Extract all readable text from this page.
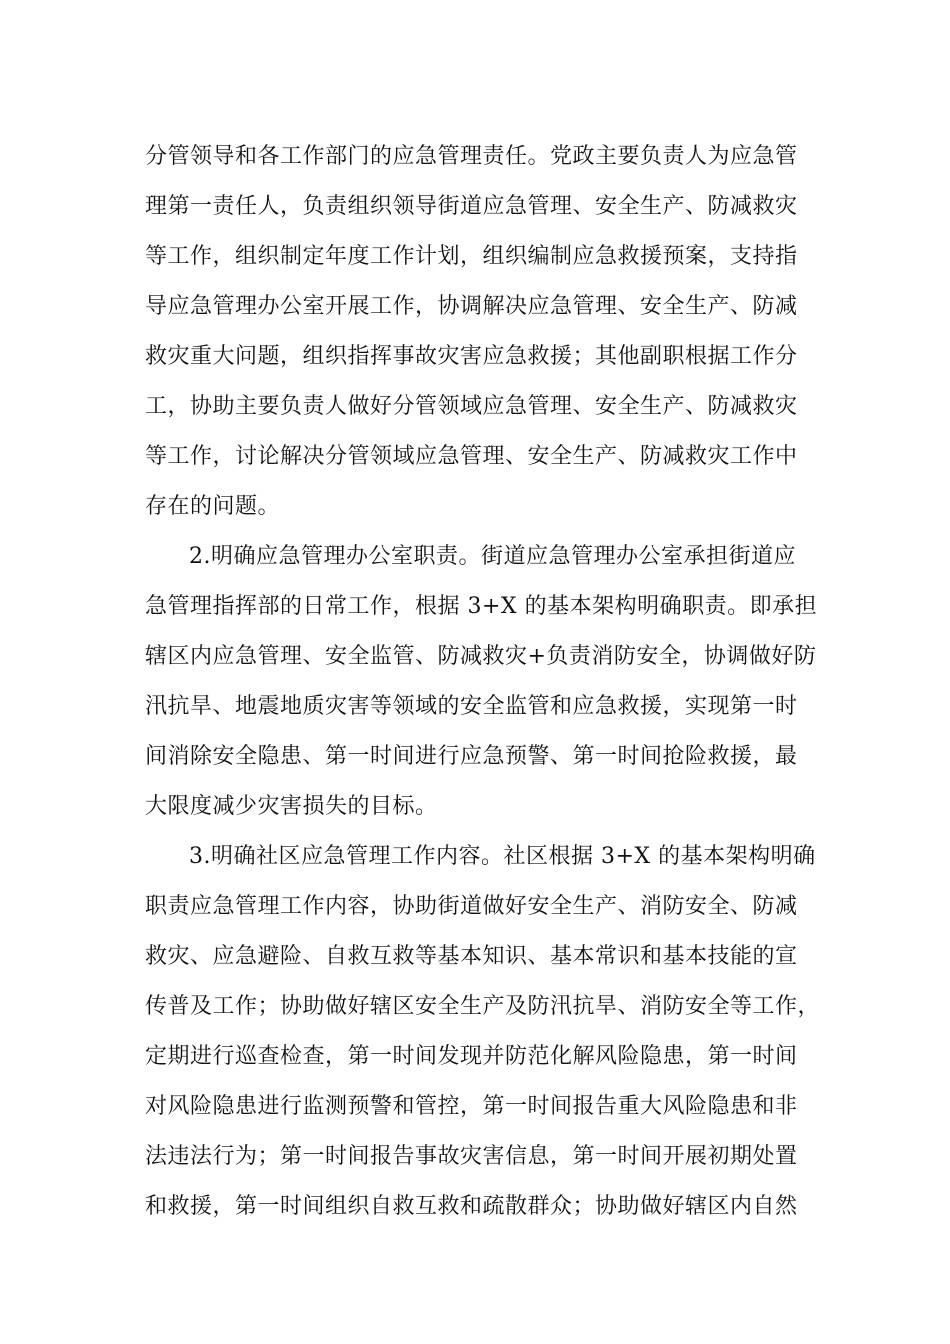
分管领导和各工作部门的应急管理责任。党政主要负责人为应急管
理第一责任人，负责组织领导街道应急管理、安全生产、防减救灾
等工作，组织制定年度工作计划，组织编制应急救援预案，支持指
导应急管理办公室开展工作，协调解决应急管理、安全生产、防减
救灾重大问题，组织指挥事故灾害应急救援；其他副职根据工作分
工，协助主要负责人做好分管领域应急管理、安全生产、防减救灾
等工作，讨论解决分管领域应急管理、安全生产、防减救灾工作中
存在的问题。
2.明确应急管理办公室职责。街道应急管理办公室承担街道应
急管理指挥部的日常工作，根据 3+X 的基本架构明确职责。即承担
辖区内应急管理、安全监管、防减救灾+负责消防安全，协调做好防
汛抗旱、地震地质灾害等领域的安全监管和应急救援，实现第一时
间消除安全隐患、第一时间进行应急预警、第一时间抢险救援，最
大限度减少灾害损失的目标。
3.明确社区应急管理工作内容。社区根据 3+X 的基本架构明确
职责应急管理工作内容，协助街道做好安全生产、消防安全、防减
救灾、应急避险、自救互救等基本知识、基本常识和基本技能的宣
传普及工作；协助做好辖区安全生产及防汛抗旱、消防安全等工作，
定期进行巡查检查，第一时间发现并防范化解风险隐患，第一时间
对风险隐患进行监测预警和管控，第一时间报告重大风险隐患和非
法违法行为；第一时间报告事故灾害信息，第一时间开展初期处置
和救援，第一时间组织自救互救和疏散群众；协助做好辖区内自然
